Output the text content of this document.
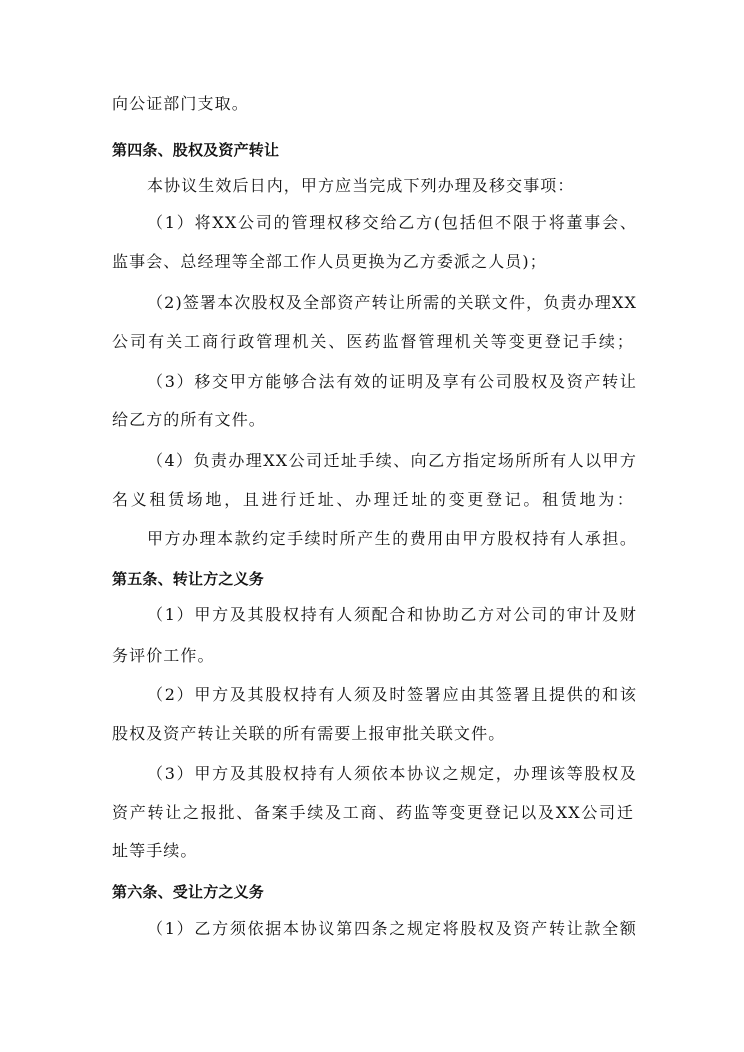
向公证部门支取。
第四条、股权及资产转让
本协议生效后日内，甲方应当完成下列办理及移交事项：
（1）将XX公司的管理权移交给乙方(包括但不限于将董事会、
监事会、总经理等全部工作人员更换为乙方委派之人员)；
（2)签署本次股权及全部资产转让所需的关联文件，负责办理XX
公司有关工商行政管理机关、医药监督管理机关等变更登记手续；
（3）移交甲方能够合法有效的证明及享有公司股权及资产转让
给乙方的所有文件。
（4）负责办理XX公司迁址手续、向乙方指定场所所有人以甲方
名义租赁场地，且进行迁址、办理迁址的变更登记。租赁地为：
甲方办理本款约定手续时所产生的费用由甲方股权持有人承担。
第五条、转让方之义务
（1）甲方及其股权持有人须配合和协助乙方对公司的审计及财
务评价工作。
（2）甲方及其股权持有人须及时签署应由其签署且提供的和该
股权及资产转让关联的所有需要上报审批关联文件。
（3）甲方及其股权持有人须依本协议之规定，办理该等股权及
资产转让之报批、备案手续及工商、药监等变更登记以及XX公司迁
址等手续。
第六条、受让方之义务
（1）乙方须依据本协议第四条之规定将股权及资产转让款全额
